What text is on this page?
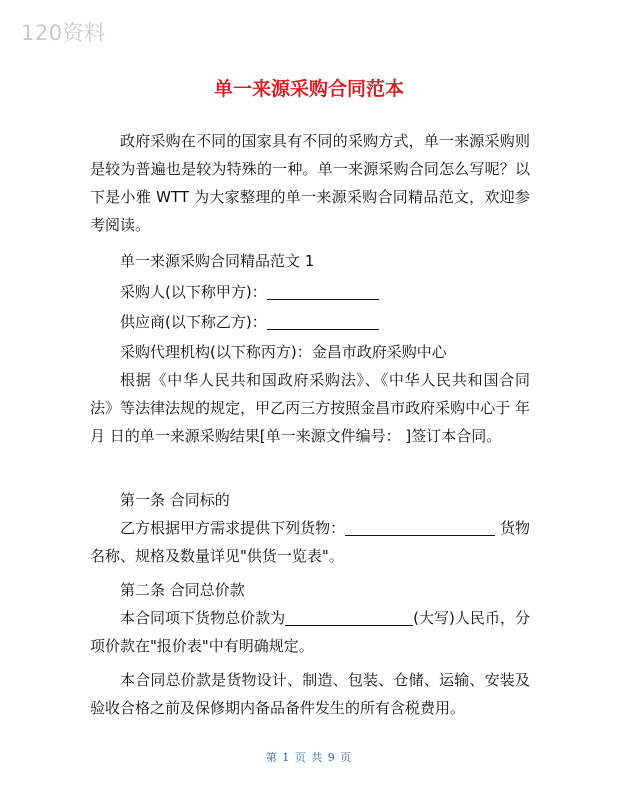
120资料
单一来源采购合同范本
政府采购在不同的国家具有不同的采购方式，单一来源采购则是较为普遍也是较为特殊的一种。单一来源采购合同怎么写呢？以下是小雅 WTT 为大家整理的单一来源采购合同精品范文，欢迎参考阅读。
单一来源采购合同精品范文 1
采购人(以下称甲方)：
供应商(以下称乙方)：
采购代理机构(以下称丙方)：金昌市政府采购中心
根据《中华人民共和国政府采购法》、《中华人民共和国合同法》等法律法规的规定，甲乙丙三方按照金昌市政府采购中心于 年 月 日的单一来源采购结果[单一来源文件编号： ]签订本合同。
第一条 合同标的
乙方根据甲方需求提供下列货物：	货物名称、规格及数量详见"供货一览表"。
第二条 合同总价款
本合同项下货物总价款为	(大写)人民币，分项价款在"报价表"中有明确规定。
本合同总价款是货物设计、制造、包装、仓储、运输、安装及验收合格之前及保修期内备品备件发生的所有含税费用。
第 1 页 共 9 页
